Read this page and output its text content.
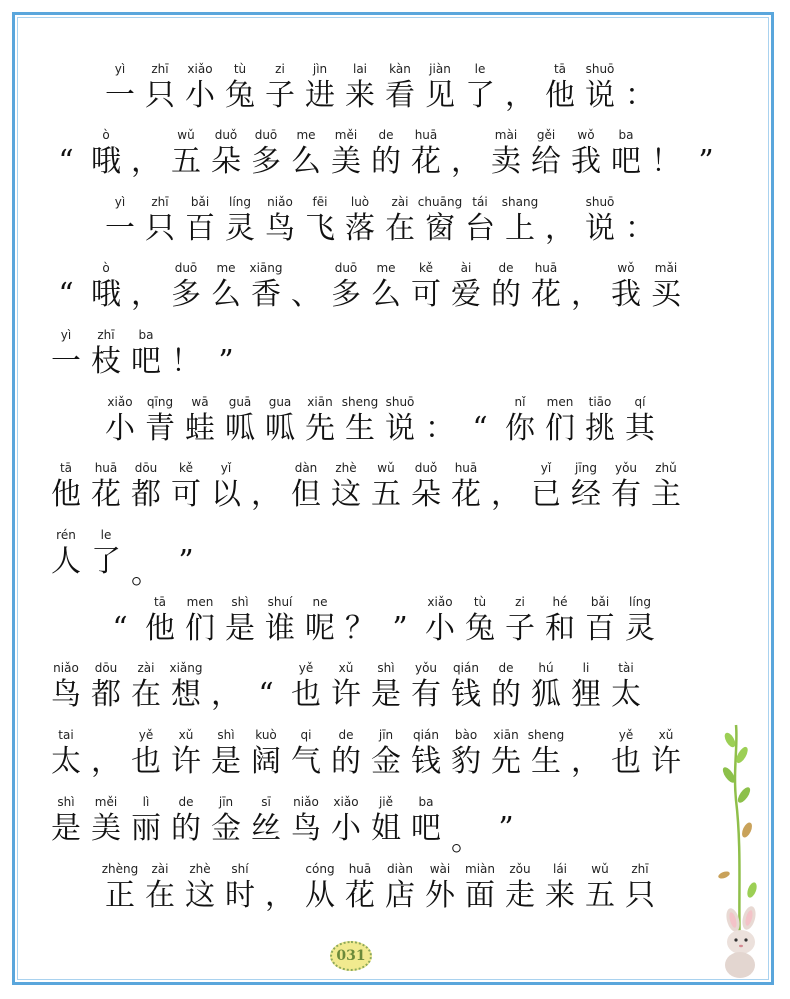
yì
一
zhī
只
xiǎo
小
tù
兔
zi
子
jìn
进
lai
来
kàn
看
jiàn
见
le
了 ，
tā
他
shuō
说 ：
“
ò
哦 ，
wǔ
五
duǒ
朵
duō
多
me
么
měi
美
de
的
huā
花 ，
mài
卖
gěi
给
wǒ
我
ba
吧 ！ ”
yì
一
zhī
只
bǎi
百
líng
灵
niǎo
鸟
fēi
飞
luò
落
zài
在
chuāng
窗
tái
台
shang
上 ，
shuō
说 ：
“
ò
哦 ，
duō
多
me
么
xiāng
香 、
duō
多
me
么
kě
可
ài
爱
de
的
huā
花 ，
wǒ
我
mǎi
买
yì
一
zhī
枝
ba
吧 ！ ”
xiǎo
小
qīng
青
wā
蛙
guā
呱
gua
呱
xiān
先
sheng
生
shuō
说 ： “
nǐ
你
men
们
tiāo
挑
qí
其
tā
他
huā
花
dōu
都
kě
可
yǐ
以 ，
dàn
但
zhè
这
wǔ
五
duǒ
朵
huā
花 ，
yǐ
已
jīng
经
yǒu
有
zhǔ
主
rén
人
le
了 。 ”
“
tā
他
men
们
shì
是
shuí
谁
ne
呢 ？ ”
xiǎo
小
tù
兔
zi
子
hé
和
bǎi
百
líng
灵
niǎo
鸟
dōu
都
zài
在
xiǎng
想 ， “
yě
也
xǔ
许
shì
是
yǒu
有
qián
钱
de
的
hú
狐
li
狸
tài
太
tai
太 ，
yě
也
xǔ
许
shì
是
kuò
阔
qi
气
de
的
jīn
金
qián
钱
bào
豹
xiān
先
sheng
生 ，
yě
也
xǔ
许
shì
是
měi
美
lì
丽
de
的
jīn
金
sī
丝
niǎo
鸟
xiǎo
小
jiě
姐
ba
吧 。 ”
zhèng
正
zài
在
zhè
这
shí
时 ，
cóng
从
huā
花
diàn
店
wài
外
miàn
面
zǒu
走
lái
来
wǔ
五
zhī
只
031
